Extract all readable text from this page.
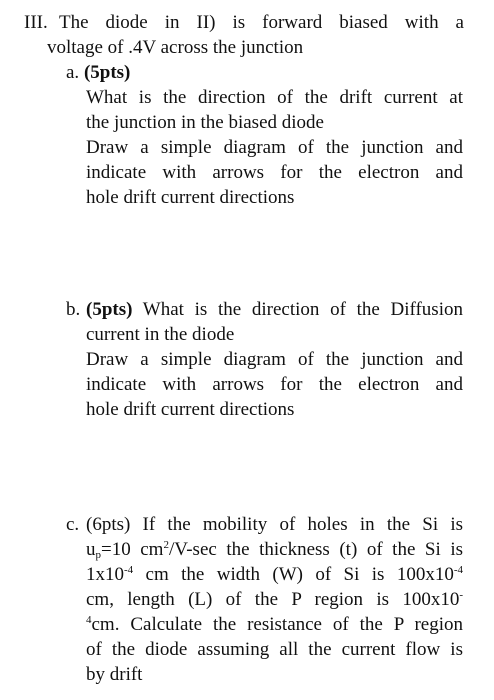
III. The diode in II) is forward biased with a
voltage of .4V across the junction
a. (5pts)
What is the direction of the drift current at
the junction in the biased diode
Draw a simple diagram of the junction and
indicate with arrows for the electron and
hole drift current directions
b. (5pts) What is the direction of the Diffusion
current in the diode
Draw a simple diagram of the junction and
indicate with arrows for the electron and
hole drift current directions
c. (6pts) If the mobility of holes in the Si is
$u_p=10$ $cm^2/V-\sec$ the thickness (t) of the Si is
$1x10^{-4}$ cm the width (W) of Si is $100x10^{-4}$
cm, length (L) of the P region is 100x10-
$^4$cm. Calculate the resistance of the P region
of the diode assuming all the current flow is
by drift
